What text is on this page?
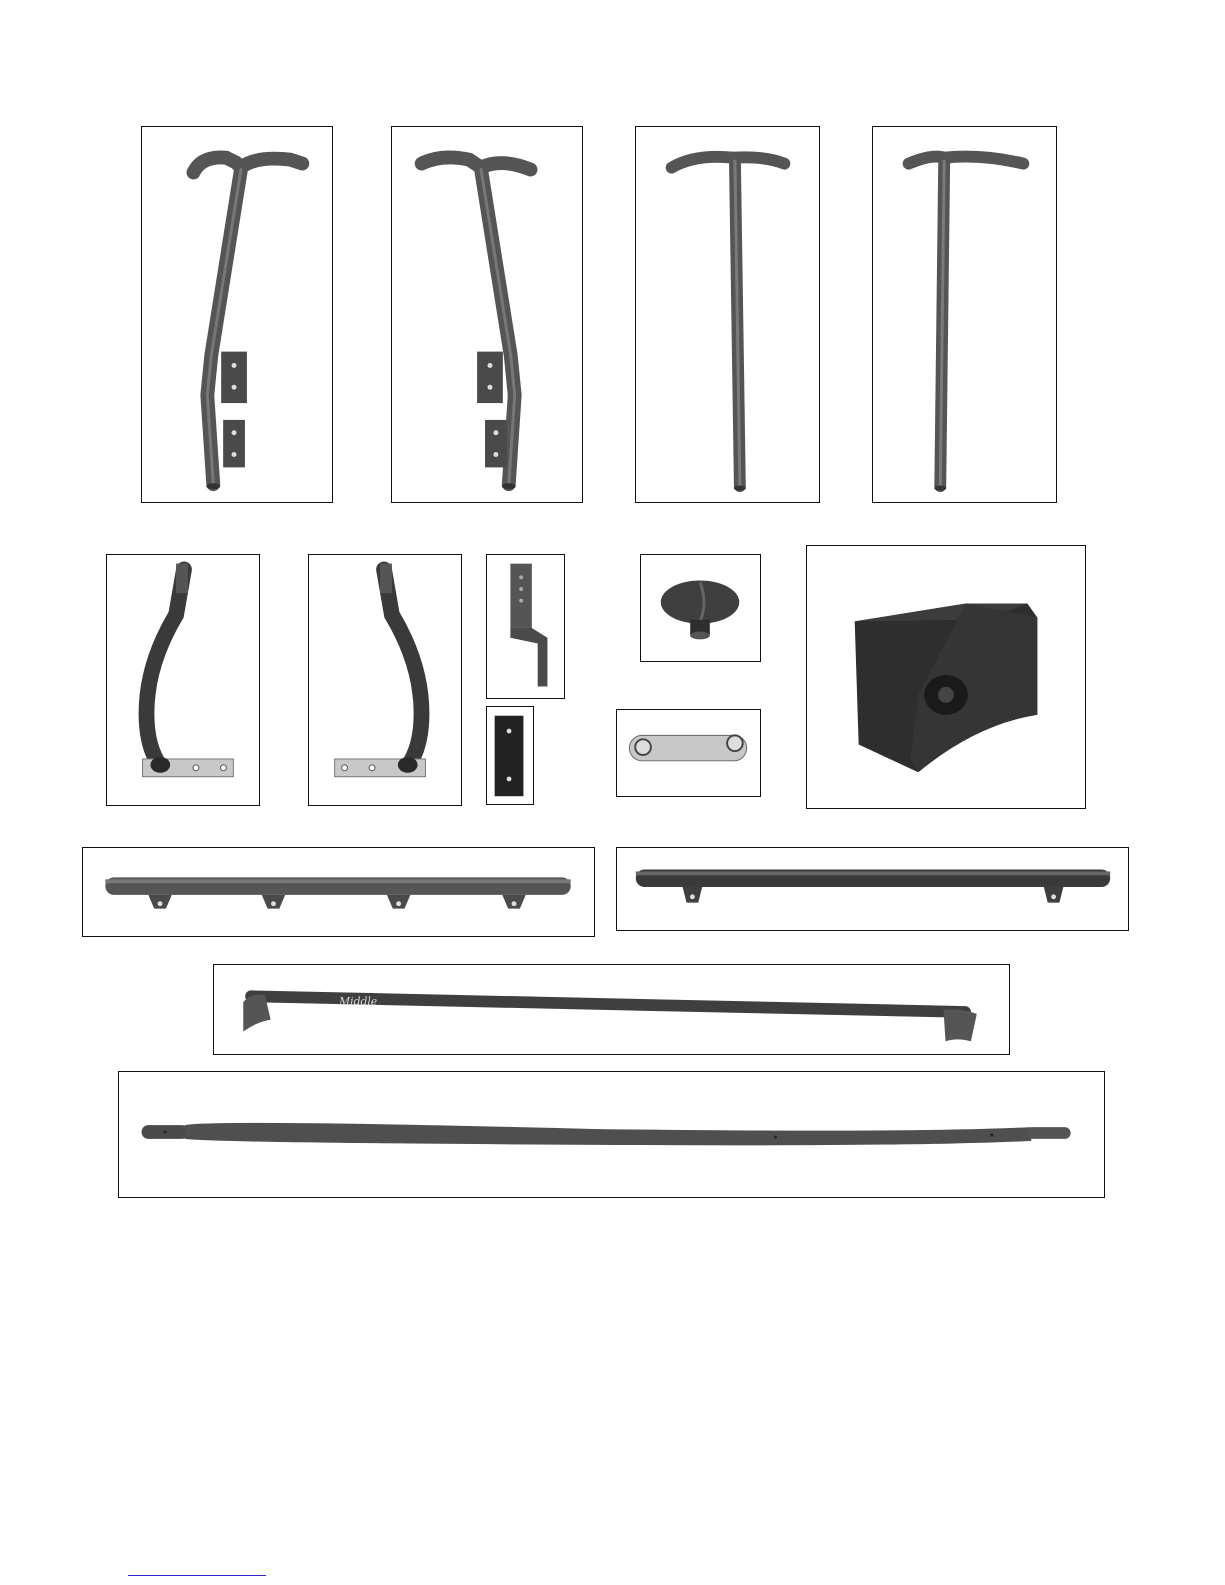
Middle
